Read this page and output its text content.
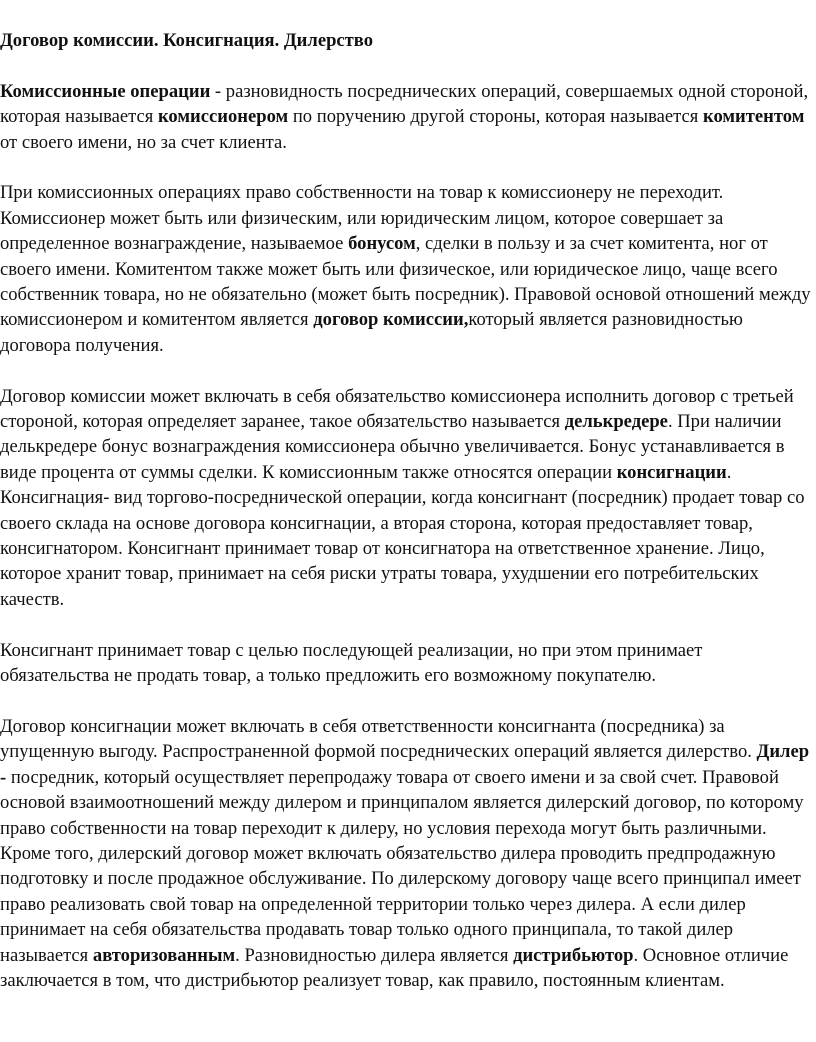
Договор комиссии. Консигнация. Дилерство

Комиссионные операции - разновидность посреднических операций, совершаемых одной стороной, которая называется комиссионером по поручению другой стороны, которая называется комитентом от своего имени, но за счет клиента.

При комиссионных операциях право собственности на товар к комиссионеру не переходит. Комиссионер может быть или физическим, или юридическим лицом, которое совершает за определенное вознаграждение, называемое бонусом, сделки в пользу и за счет комитента, ног от своего имени. Комитентом также может быть или физическое, или юридическое лицо, чаще всего собственник товара, но не обязательно (может быть посредник). Правовой основой отношений между комиссионером и комитентом является договор комиссии,который является разновидностью договора получения.

Договор комиссии может включать в себя обязательство комиссионера исполнить договор с третьей стороной, которая определяет заранее, такое обязательство называется делькредере. При наличии делькредере бонус вознаграждения комиссионера обычно увеличивается. Бонус устанавливается в виде процента от суммы сделки. К комиссионным также относятся операции консигнации. Консигнация- вид торгово-посреднической операции, когда консигнант (посредник) продает товар со своего склада на основе договора консигнации, а вторая сторона, которая предоставляет товар, консигнатором. Консигнант принимает товар от консигнатора на ответственное хранение. Лицо, которое хранит товар, принимает на себя риски утраты товара, ухудшении его потребительских качеств.

Консигнант принимает товар с целью последующей реализации, но при этом принимает обязательства не продать товар, а только предложить его возможному покупателю.

Договор консигнации может включать в себя ответственности консигнанта (посредника) за упущенную выгоду. Распространенной формой посреднических операций является дилерство. Дилер - посредник, который осуществляет перепродажу товара от своего имени и за свой счет. Правовой основой взаимоотношений между дилером и принципалом является дилерский договор, по которому право собственности на товар переходит к дилеру, но условия перехода могут быть различными. Кроме того, дилерский договор может включать обязательство дилера проводить предпродажную подготовку и после продажное обслуживание. По дилерскому договору чаще всего принципал имеет право реализовать свой товар на определенной территории только через дилера. А если дилер принимает на себя обязательства продавать товар только одного принципала, то такой дилер называется авторизованным. Разновидностью дилера является дистрибьютор. Основное отличие заключается в том, что дистрибьютор реализует товар, как правило, постоянным клиентам.
